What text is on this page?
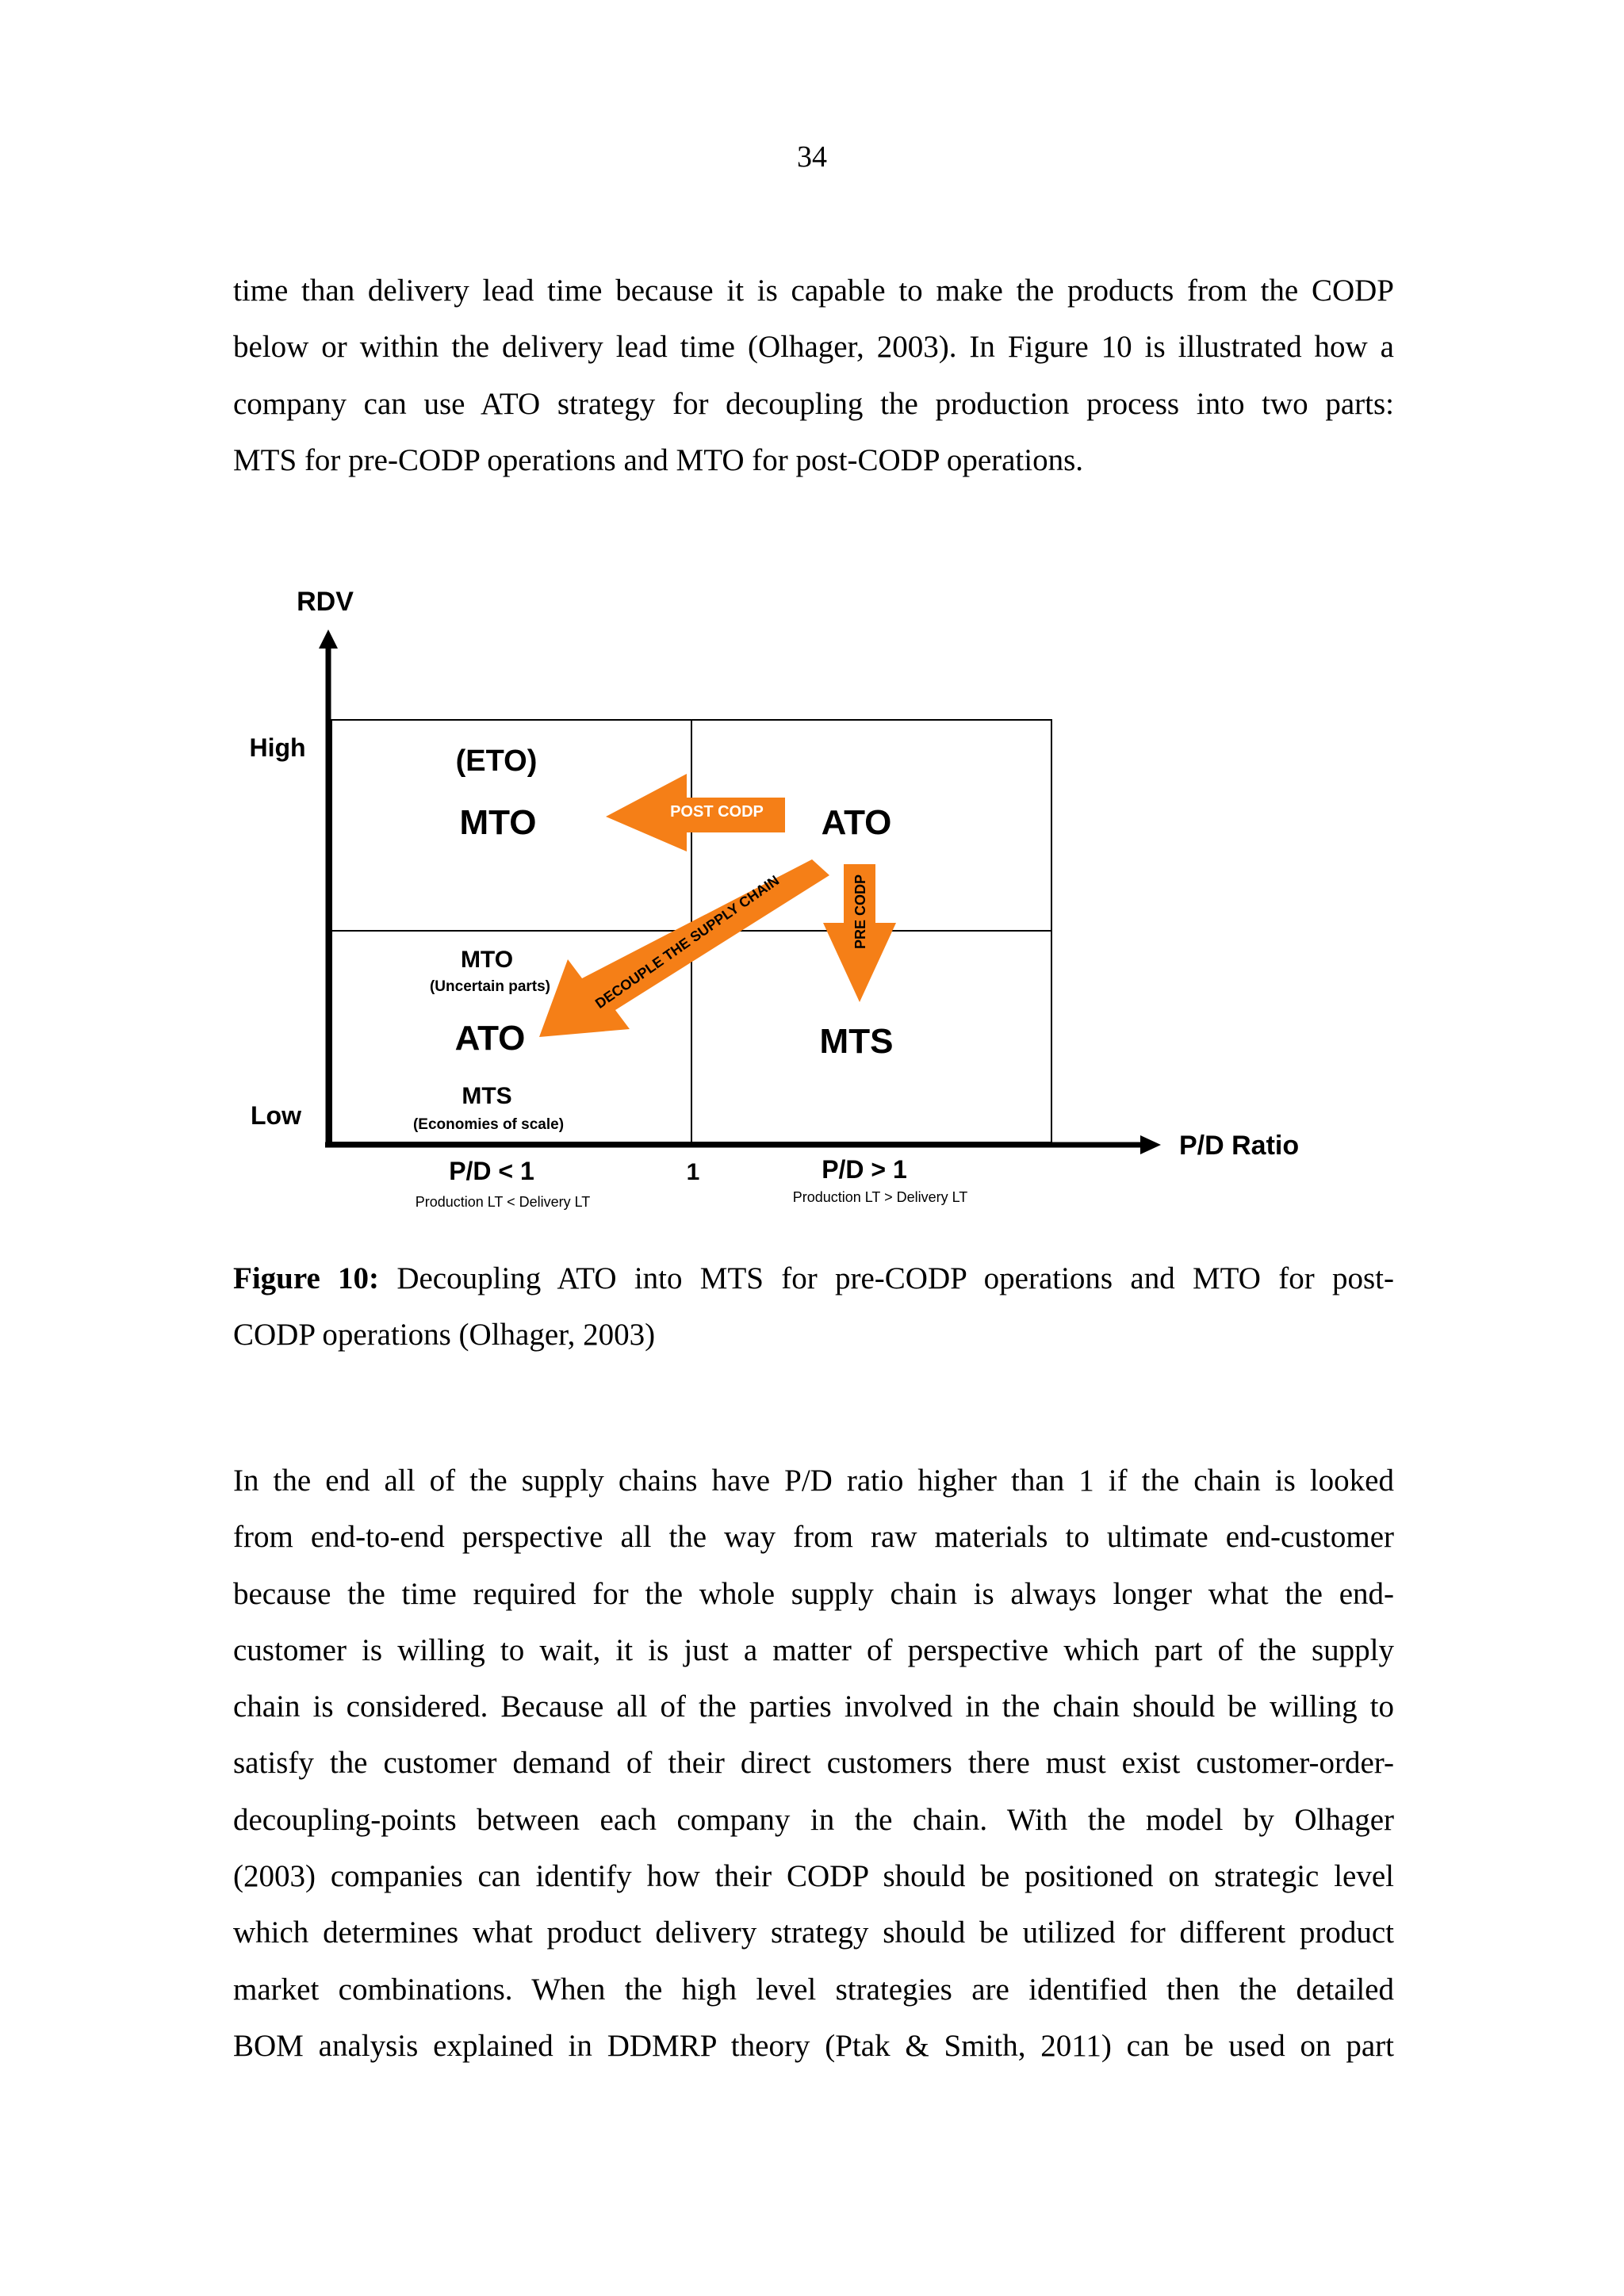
34
time than delivery lead time because it is capable to make the products from the CODP
below or within the delivery lead time (Olhager, 2003). In Figure 10 is illustrated how a
company can use ATO strategy for decoupling the production process into two parts:
MTS for pre-CODP operations and MTO for post-CODP operations.
RDV
P/D Ratio
High
Low
P/D < 1
Production LT < Delivery LT
1	P/D > 1
Production LT > Delivery LT
(ETO)
MTO	ATO
MTO
(Uncertain parts)
ATO
MTS
(Economies of scale)
MTS
POST CODP
PRE CODP
DECOUPLE THE SUPPLY CHAIN
Figure 10: Decoupling ATO into MTS for pre-CODP operations and MTO for post-
CODP operations (Olhager, 2003)
In the end all of the supply chains have P/D ratio higher than 1 if the chain is looked
from end-to-end perspective all the way from raw materials to ultimate end-customer
because the time required for the whole supply chain is always longer what the end-
customer is willing to wait, it is just a matter of perspective which part of the supply
chain is considered. Because all of the parties involved in the chain should be willing to
satisfy the customer demand of their direct customers there must exist customer-order-
decoupling-points between each company in the chain. With the model by Olhager
(2003) companies can identify how their CODP should be positioned on strategic level
which determines what product delivery strategy should be utilized for different product
market combinations. When the high level strategies are identified then the detailed
BOM analysis explained in DDMRP theory (Ptak & Smith, 2011) can be used on part
